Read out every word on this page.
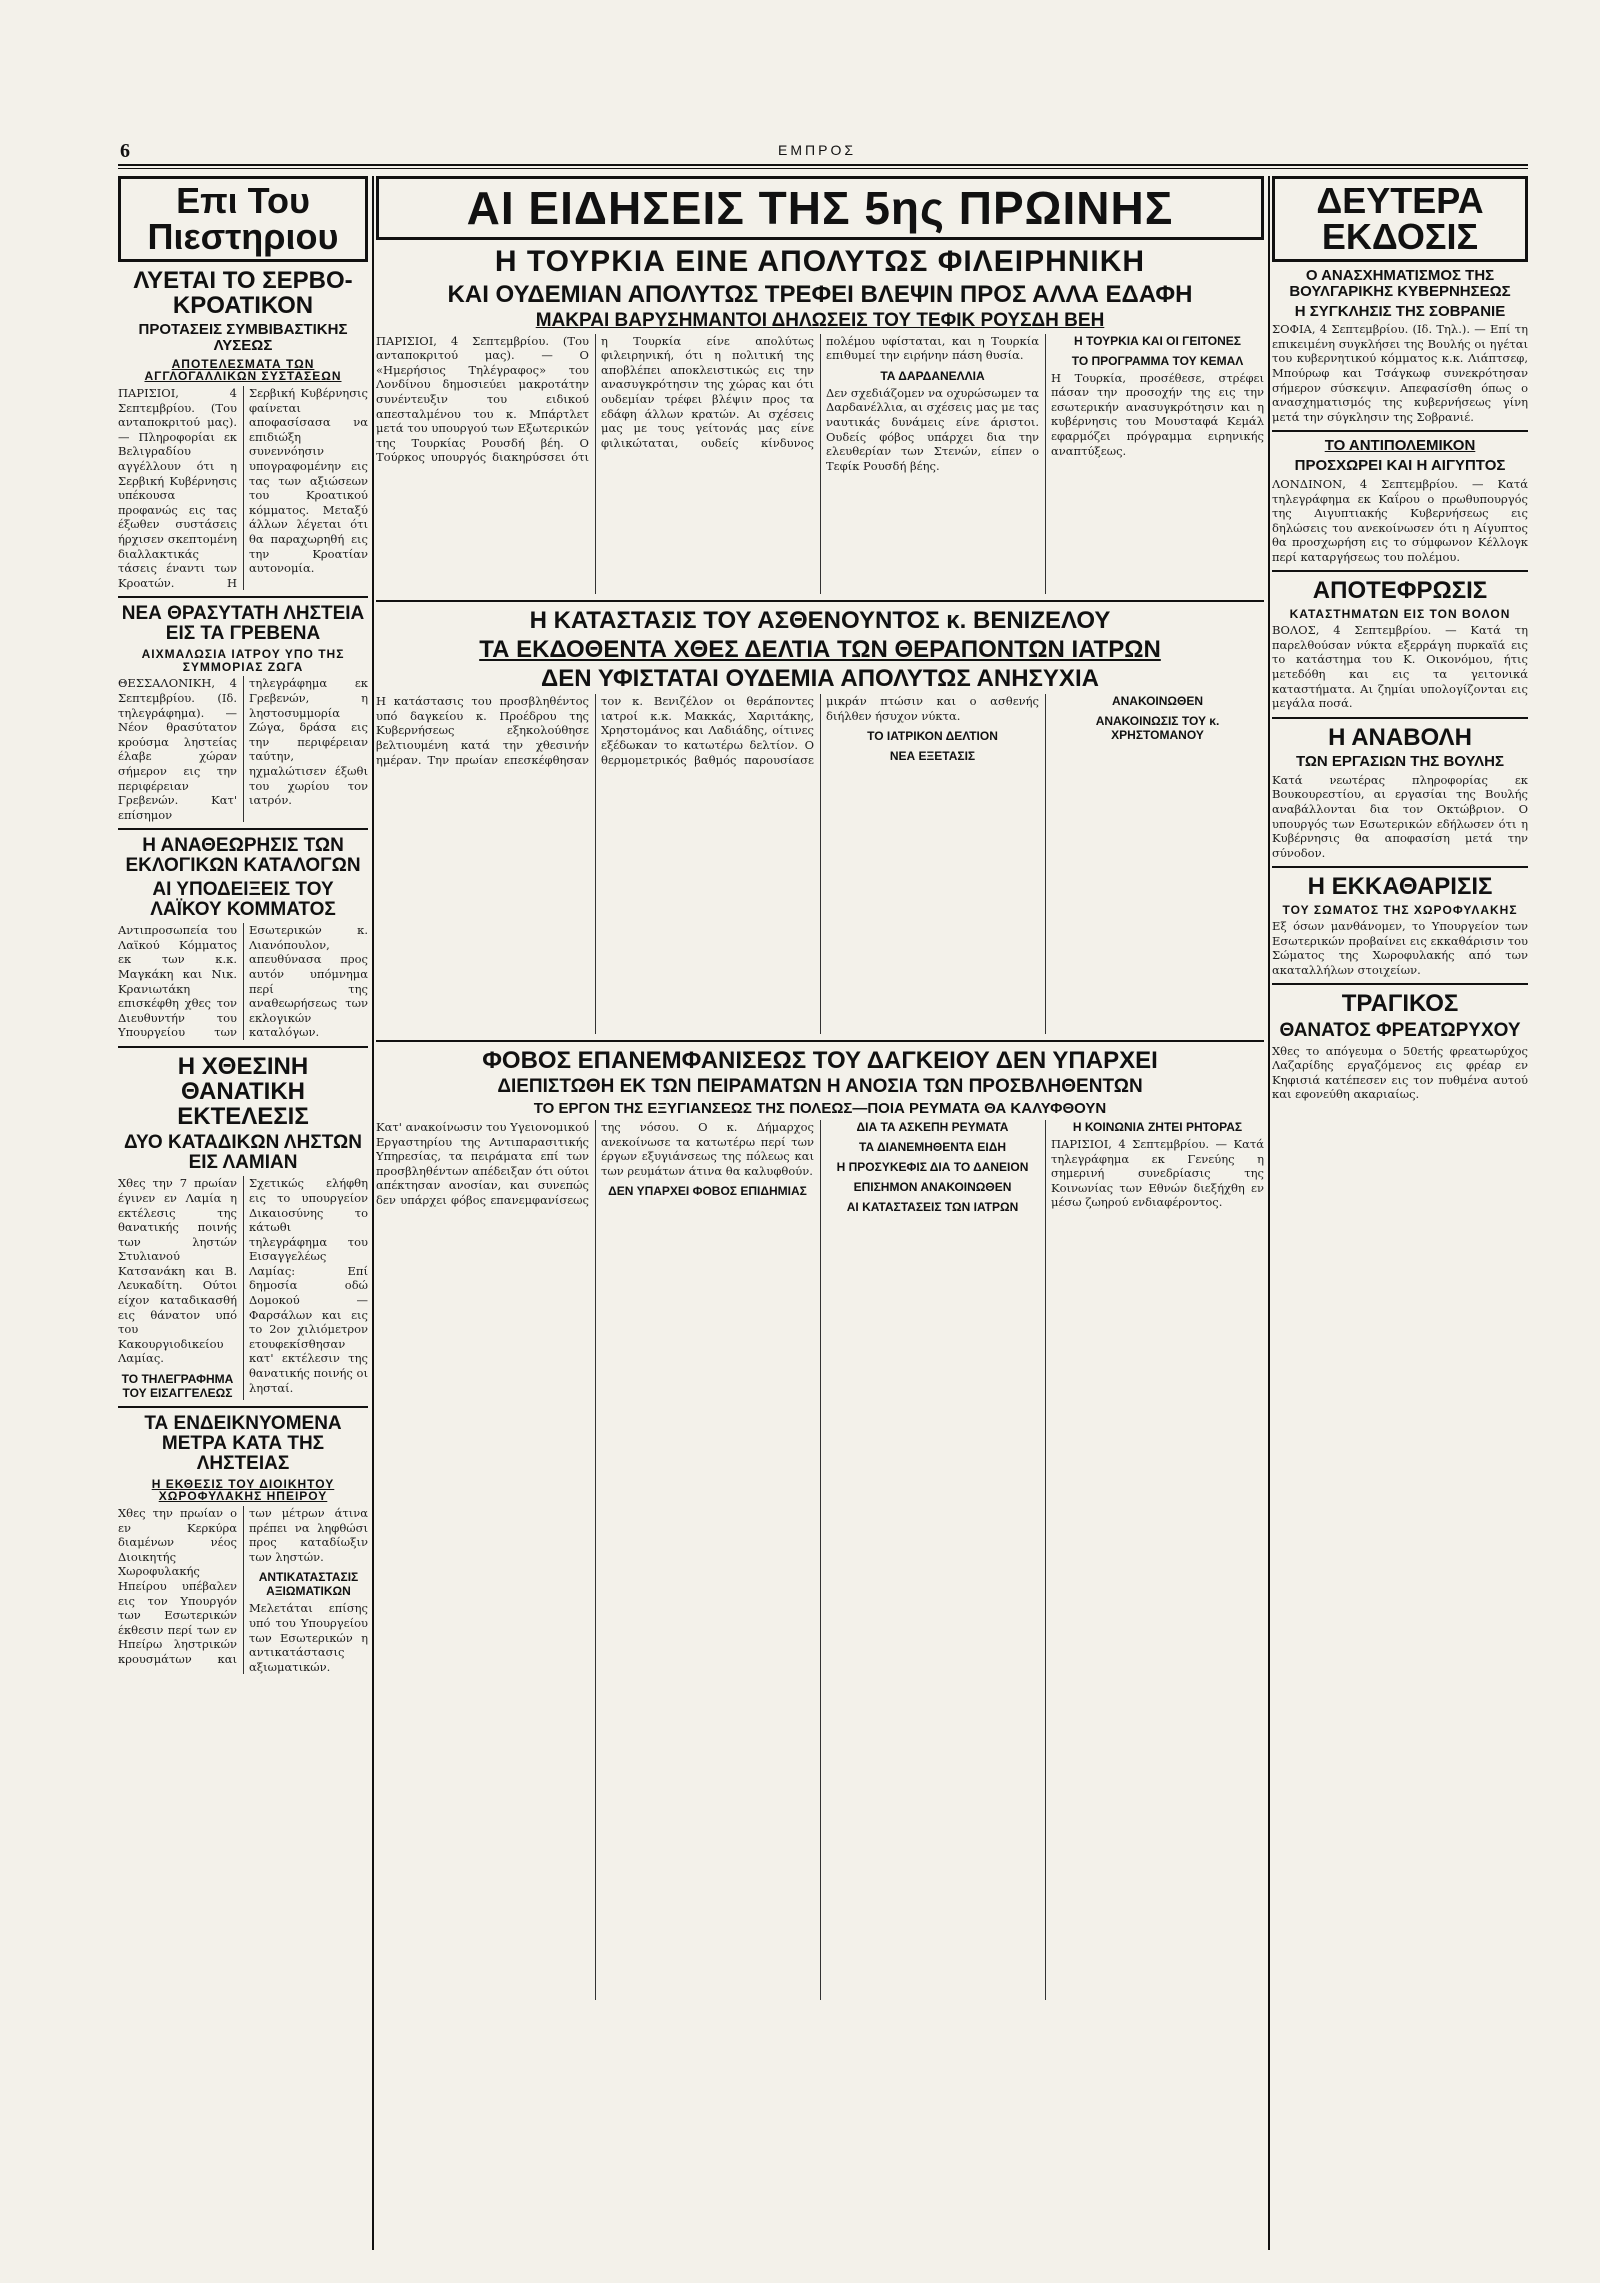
6	ΕΜΠΡΟΣ
Επι Του Πιεστηριου
ΛΥΕΤΑΙ ΤΟ ΣΕΡΒΟ-ΚΡΟΑΤΙΚΟΝ
ΠΡΟΤΑΣΕΙΣ ΣΥΜΒΙΒΑΣΤΙΚΗΣ ΛΥΣΕΩΣ
ΑΠΟΤΕΛΕΣΜΑΤΑ ΤΩΝ ΑΓΓΛΟΓΑΛΛΙΚΩΝ ΣΥΣΤΑΣΕΩΝ

ΠΑΡΙΣΙΟΙ, 4 Σεπτεμβρίου. (Του ανταποκριτού μας). — Πληροφορίαι εκ Βελιγραδίου αγγέλλουν ότι η Σερβική Κυβέρνησις υπέκουσα προφανώς εις τας έξωθεν συστάσεις ήρχισεν σκεπτομένη διαλλακτικάς τάσεις έναντι των Κροατών. Η Σερβική Κυβέρνησις φαίνεται αποφασίσασα να επιδιώξη συνεννόησιν υπογραφομένην εις τας των αξιώσεων του Κροατικού κόμματος. Μεταξύ άλλων λέγεται ότι θα παραχωρηθή εις την Κροατίαν αυτονομία.

ΝΕΑ ΘΡΑΣΥΤΑΤΗ ΛΗΣΤΕΙΑ ΕΙΣ ΤΑ ΓΡΕΒΕΝΑ
ΑΙΧΜΑΛΩΣΙΑ ΙΑΤΡΟΥ ΥΠΟ ΤΗΣ ΣΥΜΜΟΡΙΑΣ ΖΩΓΑ

ΘΕΣΣΑΛΟΝΙΚΗ, 4 Σεπτεμβρίου. (Ιδ. τηλεγράφημα). — Νέον θρασύτατον κρούσμα ληστείας έλαβε χώραν σήμερον εις την περιφέρειαν Γρεβενών. Κατ' επίσημον τηλεγράφημα εκ Γρεβενών, η ληστοσυμμορία Ζώγα, δράσα εις την περιφέρειαν ταύτην, ηχμαλώτισεν έξωθι του χωρίου τον ιατρόν.

Η ΑΝΑΘΕΩΡΗΣΙΣ ΤΩΝ ΕΚΛΟΓΙΚΩΝ ΚΑΤΑΛΟΓΩΝ
ΑΙ ΥΠΟΔΕΙΞΕΙΣ ΤΟΥ ΛΑΪΚΟΥ ΚΟΜΜΑΤΟΣ

Αντιπροσωπεία του Λαϊκού Κόμματος εκ των κ.κ. Μαγκάκη και Νικ. Κρανιωτάκη επισκέφθη χθες τον Διευθυντήν του Υπουργείου των Εσωτερικών κ. Λιανόπουλον, απευθύνασα προς αυτόν υπόμνημα περί της αναθεωρήσεως των εκλογικών καταλόγων.

Η ΧΘΕΣΙΝΗ ΘΑΝΑΤΙΚΗ ΕΚΤΕΛΕΣΙΣ
ΔΥΟ ΚΑΤΑΔΙΚΩΝ ΛΗΣΤΩΝ ΕΙΣ ΛΑΜΙΑΝ

Χθες την 7 πρωίαν έγινεν εν Λαμία η εκτέλεσις της θανατικής ποινής των ληστών Στυλιανού Κατσανάκη και Β. Λευκαδίτη. Ούτοι είχον καταδικασθή εις θάνατον υπό του Κακουργιοδικείου Λαμίας.

ΤΟ ΤΗΛΕΓΡΑΦΗΜΑ ΤΟΥ ΕΙΣΑΓΓΕΛΕΩΣ

Σχετικώς ελήφθη εις το υπουργείον Δικαιοσύνης το κάτωθι τηλεγράφημα του Εισαγγελέως Λαμίας: Επί δημοσία οδώ Δομοκού — Φαρσάλων και εις το 2ον χιλιόμετρον ετουφεκίσθησαν κατ' εκτέλεσιν της θανατικής ποινής οι λησταί.

ΤΑ ΕΝΔΕΙΚΝΥΟΜΕΝΑ ΜΕΤΡΑ ΚΑΤΑ ΤΗΣ ΛΗΣΤΕΙΑΣ
Η ΕΚΘΕΣΙΣ ΤΟΥ ΔΙΟΙΚΗΤΟΥ ΧΩΡΟΦΥΛΑΚΗΣ ΗΠΕΙΡΟΥ

Χθες την πρωίαν ο εν Κερκύρα διαμένων νέος Διοικητής Χωροφυλακής Ηπείρου υπέβαλεν εις τον Υπουργόν των Εσωτερικών έκθεσιν περί των εν Ηπείρω ληστρικών κρουσμάτων και των μέτρων άτινα πρέπει να ληφθώσι προς καταδίωξιν των ληστών.

ΑΝΤΙΚΑΤΑΣΤΑΣΙΣ ΑΞΙΩΜΑΤΙΚΩΝ

Μελετάται επίσης υπό του Υπουργείου των Εσωτερικών η αντικατάστασις αξιωματικών.

ΑΙ ΕΙΔΗΣΕΙΣ ΤΗΣ 5ης ΠΡΩΙΝΗΣ
Η ΤΟΥΡΚΙΑ ΕΙΝΕ ΑΠΟΛΥΤΩΣ ΦΙΛΕΙΡΗΝΙΚΗ
ΚΑΙ ΟΥΔΕΜΙΑΝ ΑΠΟΛΥΤΩΣ ΤΡΕΦΕΙ ΒΛΕΨΙΝ ΠΡΟΣ ΑΛΛΑ ΕΔΑΦΗ
ΜΑΚΡΑΙ ΒΑΡΥΣΗΜΑΝΤΟΙ ΔΗΛΩΣΕΙΣ ΤΟΥ ΤΕΦΙΚ ΡΟΥΣΔΗ ΒΕΗ

ΠΑΡΙΣΙΟΙ, 4 Σεπτεμβρίου. (Του ανταποκριτού μας). — Ο «Ημερήσιος Τηλέγραφος» του Λονδίνου δημοσιεύει μακροτάτην συνέντευξιν του ειδικού απεσταλμένου του κ. Μπάρτλετ μετά του υπουργού των Εξωτερικών της Τουρκίας Ρουσδή βέη. Ο Τούρκος υπουργός διακηρύσσει ότι η Τουρκία είνε απολύτως φιλειρηνική, ότι η πολιτική της αποβλέπει αποκλειστικώς εις την ανασυγκρότησιν της χώρας και ότι ουδεμίαν τρέφει βλέψιν προς τα εδάφη άλλων κρατών. Αι σχέσεις μας με τους γείτονάς μας είνε φιλικώταται, ουδείς κίνδυνος πολέμου υφίσταται, και η Τουρκία επιθυμεί την ειρήνην πάση θυσία.

ΤΑ ΔΑΡΔΑΝΕΛΛΙΑ

Δεν σχεδιάζομεν να οχυρώσωμεν τα Δαρδανέλλια, αι σχέσεις μας με τας ναυτικάς δυνάμεις είνε άριστοι. Ουδείς φόβος υπάρχει δια την ελευθερίαν των Στενών, είπεν ο Τεφίκ Ρουσδή βέης.

Η ΤΟΥΡΚΙΑ ΚΑΙ ΟΙ ΓΕΙΤΟΝΕΣ
ΤΟ ΠΡΟΓΡΑΜΜΑ ΤΟΥ ΚΕΜΑΛ

Η Τουρκία, προσέθεσε, στρέφει πάσαν την προσοχήν της εις την εσωτερικήν ανασυγκρότησιν και η κυβέρνησις του Μουσταφά Κεμάλ εφαρμόζει πρόγραμμα ειρηνικής αναπτύξεως.

Η ΚΑΤΑΣΤΑΣΙΣ ΤΟΥ ΑΣΘΕΝΟΥΝΤΟΣ κ. ΒΕΝΙΖΕΛΟΥ
ΤΑ ΕΚΔΟΘΕΝΤΑ ΧΘΕΣ ΔΕΛΤΙΑ ΤΩΝ ΘΕΡΑΠΟΝΤΩΝ ΙΑΤΡΩΝ
ΔΕΝ ΥΦΙΣΤΑΤΑΙ ΟΥΔΕΜΙΑ ΑΠΟΛΥΤΩΣ ΑΝΗΣΥΧΙΑ

Η κατάστασις του προσβληθέντος υπό δαγκείου κ. Προέδρου της Κυβερνήσεως εξηκολούθησε βελτιουμένη κατά την χθεσινήν ημέραν. Την πρωίαν επεσκέφθησαν τον κ. Βενιζέλον οι θεράποντες ιατροί κ.κ. Μακκάς, Χαριτάκης, Χρηστομάνος και Λαδιάδης, οίτινες εξέδωκαν το κατωτέρω δελτίον. Ο θερμομετρικός βαθμός παρουσίασε μικράν πτώσιν και ο ασθενής διήλθεν ήσυχον νύκτα.

ΤΟ ΙΑΤΡΙΚΟΝ ΔΕΛΤΙΟΝ
ΝΕΑ ΕΞΕΤΑΣΙΣ
ΑΝΑΚΟΙΝΩΘΕΝ
ΑΝΑΚΟΙΝΩΣΙΣ ΤΟΥ κ. ΧΡΗΣΤΟΜΑΝΟΥ
ΦΟΒΟΣ ΕΠΑΝΕΜΦΑΝΙΣΕΩΣ ΤΟΥ ΔΑΓΚΕΙΟΥ ΔΕΝ ΥΠΑΡΧΕΙ
ΔΙΕΠΙΣΤΩΘΗ ΕΚ ΤΩΝ ΠΕΙΡΑΜΑΤΩΝ Η ΑΝΟΣΙΑ ΤΩΝ ΠΡΟΣΒΛΗΘΕΝΤΩΝ
ΤΟ ΕΡΓΟΝ ΤΗΣ ΕΞΥΓΙΑΝΣΕΩΣ ΤΗΣ ΠΟΛΕΩΣ—ΠΟΙΑ ΡΕΥΜΑΤΑ ΘΑ ΚΑΛΥΦΘΟΥΝ

Κατ' ανακοίνωσιν του Υγειονομικού Εργαστηρίου της Αντιπαρασιτικής Υπηρεσίας, τα πειράματα επί των προσβληθέντων απέδειξαν ότι ούτοι απέκτησαν ανοσίαν, και συνεπώς δεν υπάρχει φόβος επανεμφανίσεως της νόσου. Ο κ. Δήμαρχος ανεκοίνωσε τα κατωτέρω περί των έργων εξυγιάνσεως της πόλεως και των ρευμάτων άτινα θα καλυφθούν.

ΔΕΝ ΥΠΑΡΧΕΙ ΦΟΒΟΣ ΕΠΙΔΗΜΙΑΣ
ΔΙΑ ΤΑ ΑΣΚΕΠΗ ΡΕΥΜΑΤΑ
ΤΑ ΔΙΑΝΕΜΗΘΕΝΤΑ ΕΙΔΗ
Η ΠΡΟΣΥΚΕΦΙΣ ΔΙΑ ΤΟ ΔΑΝΕΙΟΝ
ΕΠΙΣΗΜΟΝ ΑΝΑΚΟΙΝΩΘΕΝ
ΑΙ ΚΑΤΑΣΤΑΣΕΙΣ ΤΩΝ ΙΑΤΡΩΝ
Η ΚΟΙΝΩΝΙΑ ΖΗΤΕΙ ΡΗΤΟΡΑΣ

ΠΑΡΙΣΙΟΙ, 4 Σεπτεμβρίου. — Κατά τηλεγράφημα εκ Γενεύης η σημερινή συνεδρίασις της Κοινωνίας των Εθνών διεξήχθη εν μέσω ζωηρού ενδιαφέροντος.

ΔΕΥΤΕΡΑ ΕΚΔΟΣΙΣ
Ο ΑΝΑΣΧΗΜΑΤΙΣΜΟΣ ΤΗΣ ΒΟΥΛΓΑΡΙΚΗΣ ΚΥΒΕΡΝΗΣΕΩΣ
Η ΣΥΓΚΛΗΣΙΣ ΤΗΣ ΣΟΒΡΑΝΙΕ

ΣΟΦΙΑ, 4 Σεπτεμβρίου. (Ιδ. Τηλ.). — Επί τη επικειμένη συγκλήσει της Βουλής οι ηγέται του κυβερνητικού κόμματος κ.κ. Λιάπτσεφ, Μπούρωφ και Τσάγκωφ συνεκρότησαν σήμερον σύσκεψιν. Απεφασίσθη όπως ο ανασχηματισμός της κυβερνήσεως γίνη μετά την σύγκλησιν της Σοβρανιέ.

ΤΟ ΑΝΤΙΠΟΛΕΜΙΚΟΝ
ΠΡΟΣΧΩΡΕΙ ΚΑΙ Η ΑΙΓΥΠΤΟΣ

ΛΟΝΔΙΝΟΝ, 4 Σεπτεμβρίου. — Κατά τηλεγράφημα εκ Καΐρου ο πρωθυπουργός της Αιγυπτιακής Κυβερνήσεως εις δηλώσεις του ανεκοίνωσεν ότι η Αίγυπτος θα προσχωρήση εις το σύμφωνον Κέλλογκ περί καταργήσεως του πολέμου.

ΑΠΟΤΕΦΡΩΣΙΣ
ΚΑΤΑΣΤΗΜΑΤΩΝ ΕΙΣ ΤΟΝ ΒΟΛΟΝ

ΒΟΛΟΣ, 4 Σεπτεμβρίου. — Κατά τη παρελθούσαν νύκτα εξερράγη πυρκαϊά εις το κατάστημα του Κ. Οικονόμου, ήτις μετεδόθη και εις τα γειτονικά καταστήματα. Αι ζημίαι υπολογίζονται εις μεγάλα ποσά.

Η ΑΝΑΒΟΛΗ
ΤΩΝ ΕΡΓΑΣΙΩΝ ΤΗΣ ΒΟΥΛΗΣ

Κατά νεωτέρας πληροφορίας εκ Βουκουρεστίου, αι εργασίαι της Βουλής αναβάλλονται δια τον Οκτώβριον. Ο υπουργός των Εσωτερικών εδήλωσεν ότι η Κυβέρνησις θα αποφασίση μετά την σύνοδον.

Η ΕΚΚΑΘΑΡΙΣΙΣ
ΤΟΥ ΣΩΜΑΤΟΣ ΤΗΣ ΧΩΡΟΦΥΛΑΚΗΣ

Εξ όσων μανθάνομεν, το Υπουργείον των Εσωτερικών προβαίνει εις εκκαθάρισιν του Σώματος της Χωροφυλακής από των ακαταλλήλων στοιχείων.

ΤΡΑΓΙΚΟΣ
ΘΑΝΑΤΟΣ ΦΡΕΑΤΩΡΥΧΟΥ

Χθες το απόγευμα ο 50ετής φρεατωρύχος Λαζαρίδης εργαζόμενος εις φρέαρ εν Κηφισιά κατέπεσεν εις τον πυθμένα αυτού και εφονεύθη ακαριαίως.
